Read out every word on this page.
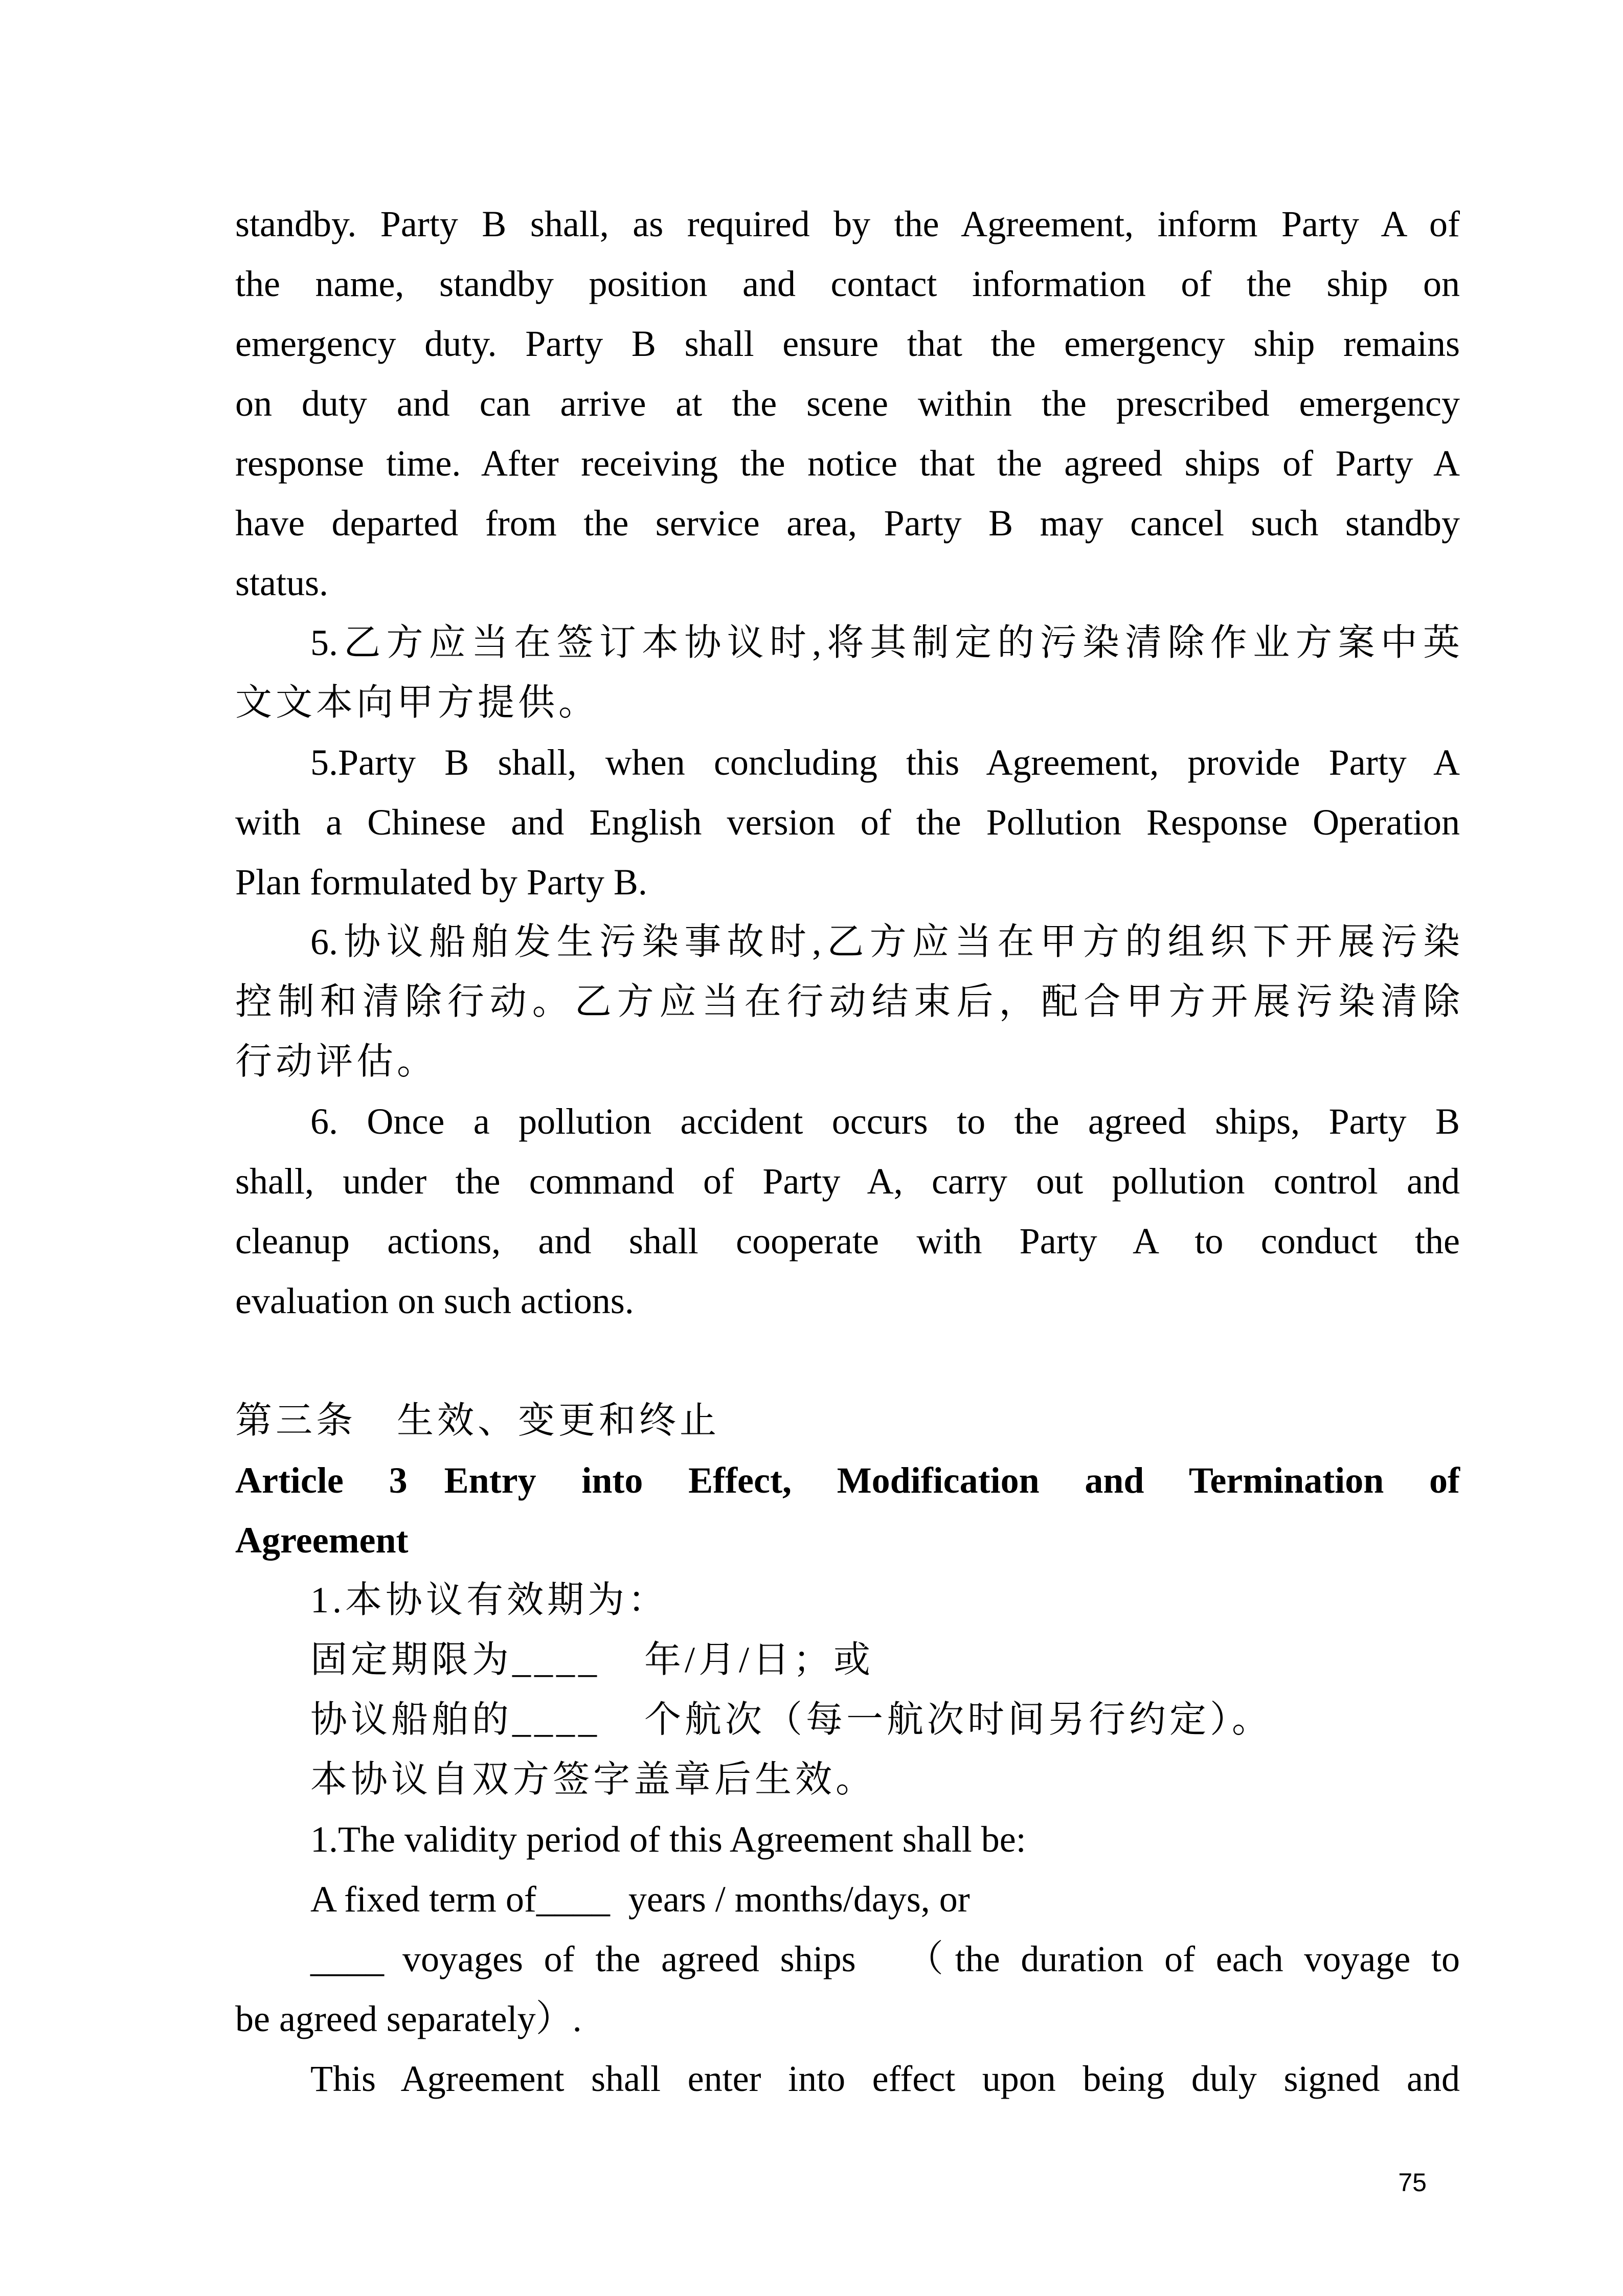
standby. Party B shall, as required by the Agreement, inform Party A of
the name, standby position and contact information of the ship on
emergency duty. Party B shall ensure that the emergency ship remains
on duty and can arrive at the scene within the prescribed emergency
response time. After receiving the notice that the agreed ships of Party A
have departed from the service area, Party B may cancel such standby
status.
5.乙方应当在签订本协议时,将其制定的污染清除作业方案中英
文文本向甲方提供。
5.Party B shall, when concluding this Agreement, provide Party A
with a Chinese and English version of the Pollution Response Operation
Plan formulated by Party B.
6.协议船舶发生污染事故时,乙方应当在甲方的组织下开展污染
控制和清除行动。乙方应当在行动结束后，配合甲方开展污染清除
行动评估。
6. Once a pollution accident occurs to the agreed ships, Party B
shall, under the command of Party A, carry out pollution control and
cleanup actions, and shall cooperate with Party A to conduct the
evaluation on such actions.
第三条　生效、变更和终止
Article 3 Entry into Effect, Modification and Termination of
Agreement
1.本协议有效期为：
固定期限为____  年/月/日；或
协议船舶的____  个航次（每一航次时间另行约定）。
本协议自双方签字盖章后生效。
1.The validity period of this Agreement shall be:
A fixed term of____ years / months/days, or
____ voyages of the agreed ships  （the duration of each voyage to
be agreed separately）.
This Agreement shall enter into effect upon being duly signed and
75
